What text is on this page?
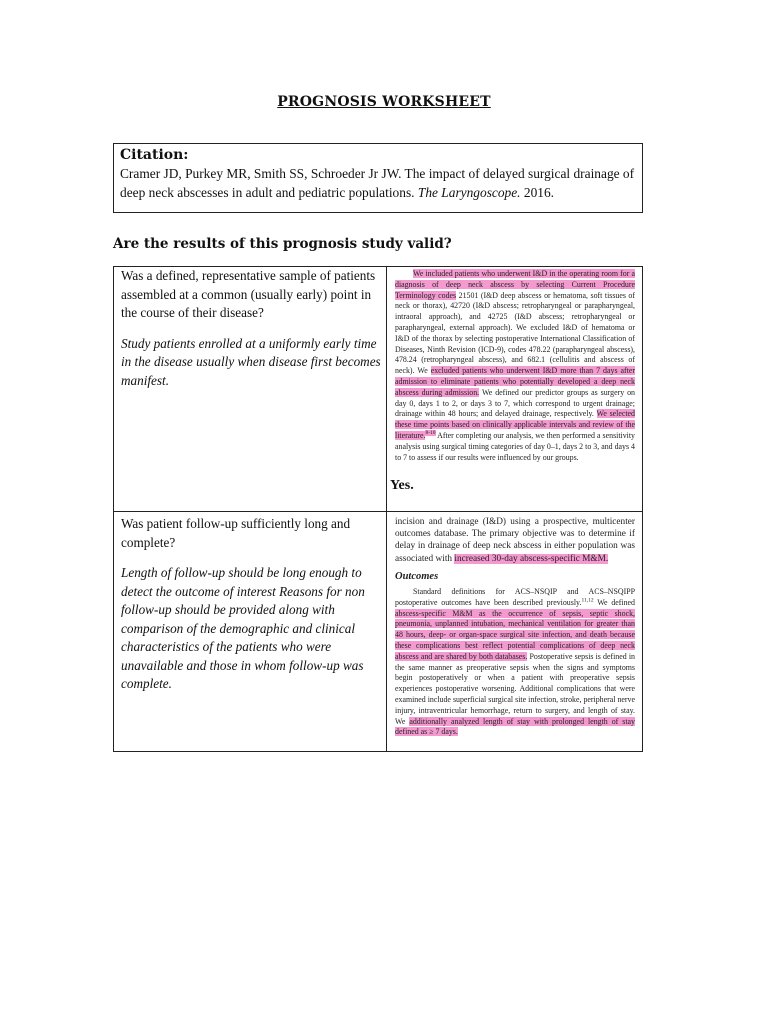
PROGNOSIS WORKSHEET
Citation:
Cramer JD, Purkey MR, Smith SS, Schroeder Jr JW. The impact of delayed surgical drainage of deep neck abscesses in adult and pediatric populations. The Laryngoscope. 2016.
Are the results of this prognosis study valid?

Was a defined, representative sample of patients assembled at a common (usually early) point in the course of their disease?

Study patients enrolled at a uniformly early time in the disease usually when disease first becomes manifest.

We included patients who underwent I&D in the operating room for a diagnosis of deep neck abscess by selecting Current Procedure Terminology codes 21501 (I&D deep abscess or hematoma, soft tissues of neck or thorax), 42720 (I&D abscess; retropharyngeal or parapharyngeal, intraoral approach), and 42725 (I&D abscess; retropharyngeal or parapharyngeal, external approach). We excluded I&D of hematoma or I&D of the thorax by selecting postoperative International Classification of Diseases, Ninth Revision (ICD-9), codes 478.22 (parapharyngeal abscess), 478.24 (retropharyngeal abscess), and 682.1 (cellulitis and abscess of neck). We excluded patients who underwent I&D more than 7 days after admission to eliminate patients who potentially developed a deep neck abscess during admission. We defined our predictor groups as surgery on day 0, days 1 to 2, or days 3 to 7, which correspond to urgent drainage; drainage within 48 hours; and delayed drainage, respectively. We selected these time points based on clinically applicable intervals and review of the literature.$^{8-10}$ After completing our analysis, we then performed a sensitivity analysis using surgical timing categories of day 0–1, days 2 to 3, and days 4 to 7 to assess if our results were influenced by our groups.

Was patient follow-up sufficiently long and complete?

Length of follow-up should be long enough to detect the outcome of interest Reasons for non follow-up should be provided along with comparison of the demographic and clinical characteristics of the patients who were unavailable and those in whom follow-up was complete.

incision and drainage (I&D) using a prospective, multicenter outcomes database. The primary objective was to determine if delay in drainage of deep neck abscess in either population was associated with increased 30-day abscess-specific M&M.
Outcomes
Standard definitions for ACS–NSQIP and ACS–NSQIPP postoperative outcomes have been described previously.$^{11,12}$ We defined abscess-specific M&M as the occurrence of sepsis, septic shock, pneumonia, unplanned intubation, mechanical ventilation for greater than 48 hours, deep- or organ-space surgical site infection, and death because these complications best reflect potential complications of deep neck abscess and are shared by both databases. Postoperative sepsis is defined in the same manner as preoperative sepsis when the signs and symptoms begin postoperatively or when a patient with preoperative sepsis experiences postoperative worsening. Additional complications that were examined include superficial surgical site infection, stroke, peripheral nerve injury, intraventricular hemorrhage, return to surgery, and length of stay. We additionally analyzed length of stay with prolonged length of stay defined as ≥ 7 days.
Yes.
